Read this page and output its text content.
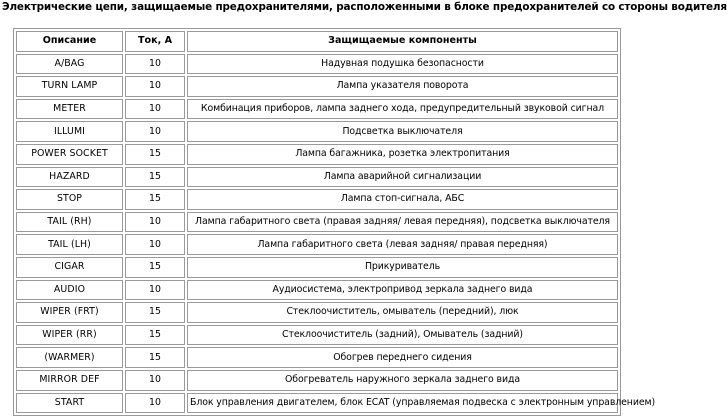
Электрические цепи, защищаемые предохранителями, расположенными в блоке предохранителей со стороны водителя
Описание	Ток, А	Защищаемые компоненты
A/BAG	10	Надувная подушка безопасности
TURN LAMP	10	Лампа указателя поворота
METER	10	Комбинация приборов, лампа заднего хода, предупредительный звуковой сигнал
ILLUMI	10	Подсветка выключателя
POWER SOCKET	15	Лампа багажника, розетка электропитания
HAZARD	15	Лампа аварийной сигнализации
STOP	15	Лампа стоп-сигнала, АБС
TAIL (RH)	10	Лампа габаритного света (правая задняя/ левая передняя), подсветка выключателя
TAIL (LH)	10	Лампа габаритного света (левая задняя/ правая передняя)
CIGAR	15	Прикуриватель
AUDIO	10	Аудиосистема, электропривод зеркала заднего вида
WIPER (FRT)	15	Стеклоочиститель, омыватель (передний), люк
WIPER (RR)	15	Стеклоочиститель (задний), Омыватель (задний)
(WARMER)	15	Обогрев переднего сидения
MIRROR DEF	10	Обогреватель наружного зеркала заднего вида
START	10	Блок управления двигателем, блок ECAT (управляемая подвеска с электронным управлением)
